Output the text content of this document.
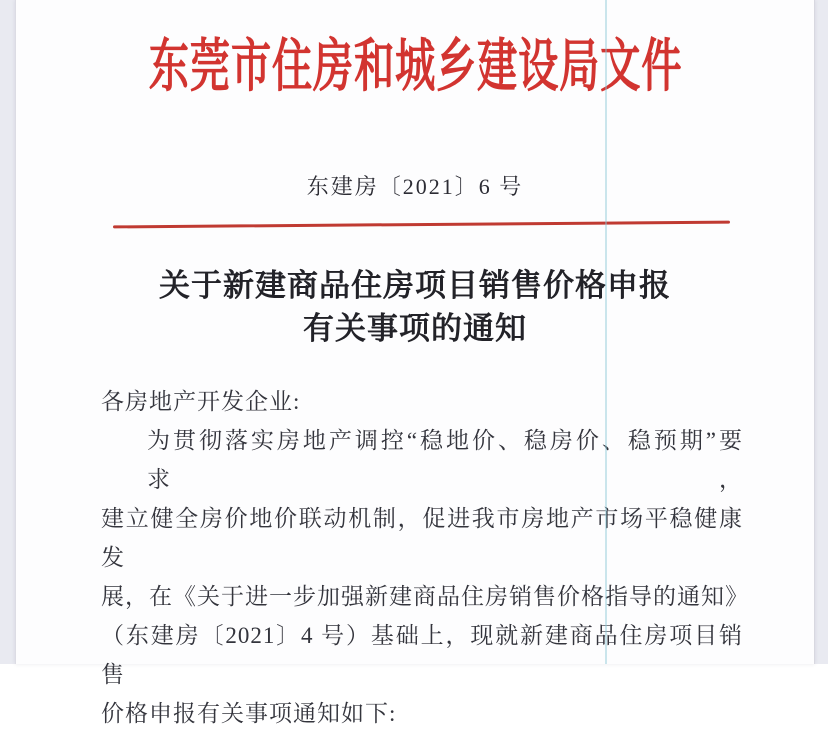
东莞市住房和城乡建设局文件
东建房〔2021〕6 号
关于新建商品住房项目销售价格申报
有关事项的通知
各房地产开发企业:
为贯彻落实房地产调控“稳地价、稳房价、稳预期”要求，
建立健全房价地价联动机制，促进我市房地产市场平稳健康发
展，在《关于进一步加强新建商品住房销售价格指导的通知》
（东建房〔2021〕4 号）基础上，现就新建商品住房项目销售
价格申报有关事项通知如下:
